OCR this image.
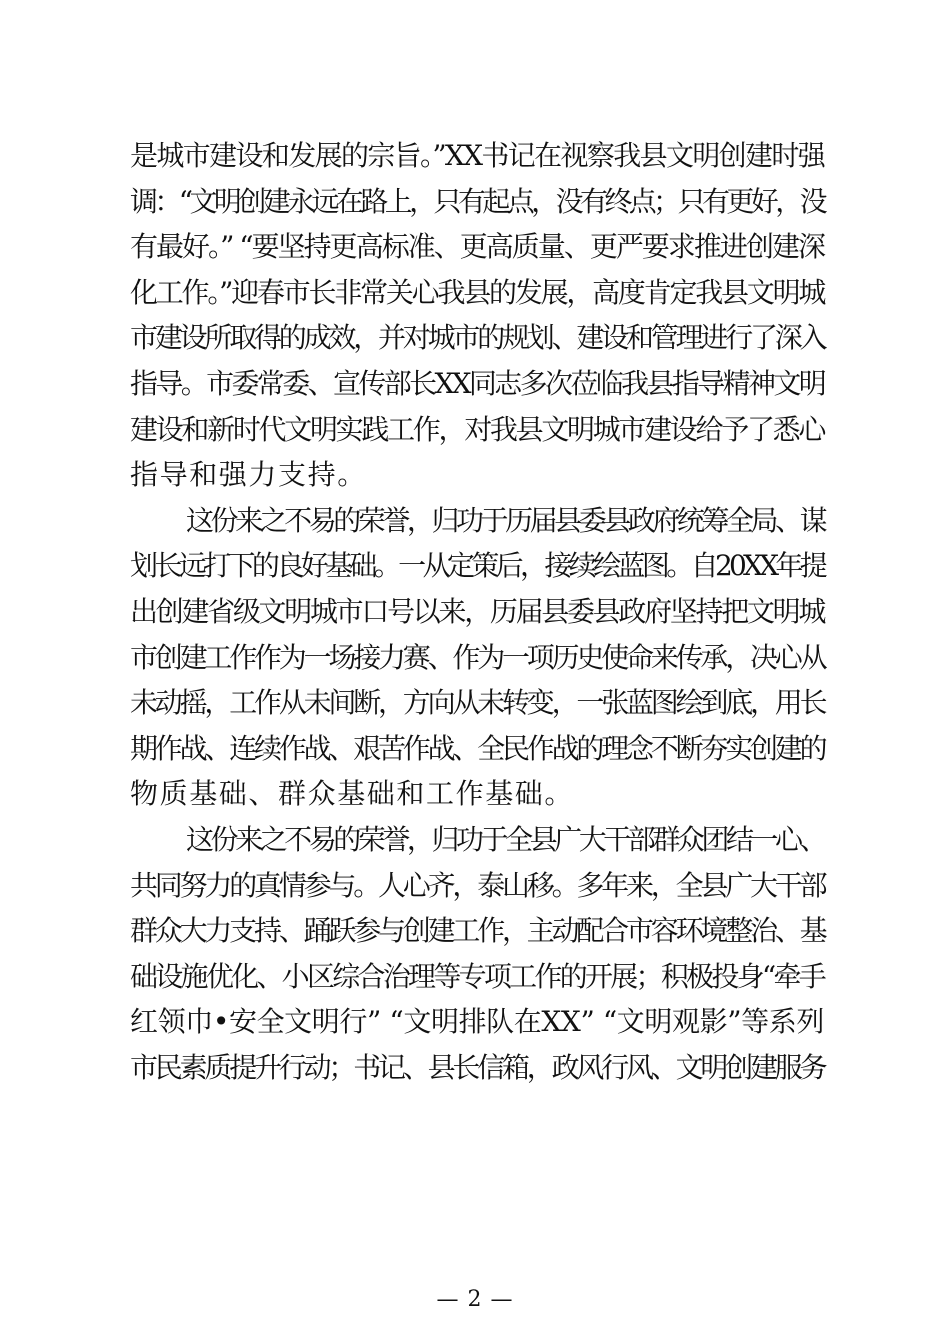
是城市建设和发展的宗旨。”XX书记在视察我县文明创建时强
调：“文明创建永远在路上，只有起点，没有终点；只有更好，没
有最好。” “要坚持更高标准、更高质量、更严要求推进创建深
化工作。”迎春市长非常关心我县的发展，高度肯定我县文明城
市建设所取得的成效，并对城市的规划、建设和管理进行了深入
指导。市委常委、宣传部长XX同志多次莅临我县指导精神文明
建设和新时代文明实践工作，对我县文明城市建设给予了悉心
指导和强力支持。
这份来之不易的荣誉，归功于历届县委县政府统筹全局、谋
划长远打下的良好基础。一从定策后，接续绘蓝图。自20XX年提
出创建省级文明城市口号以来，历届县委县政府坚持把文明城
市创建工作作为一场接力赛、作为一项历史使命来传承，决心从
未动摇，工作从未间断，方向从未转变，一张蓝图绘到底，用长
期作战、连续作战、艰苦作战、全民作战的理念不断夯实创建的
物质基础、群众基础和工作基础。
这份来之不易的荣誉，归功于全县广大干部群众团结一心、
共同努力的真情参与。人心齐，泰山移。多年来，全县广大干部
群众大力支持、踊跃参与创建工作，主动配合市容环境整治、基
础设施优化、小区综合治理等专项工作的开展；积极投身“牵手
红领巾•安全文明行” “文明排队在XX” “文明观影”等系列
市民素质提升行动；书记、县长信箱，政风行风、文明创建服务
— 2 —
